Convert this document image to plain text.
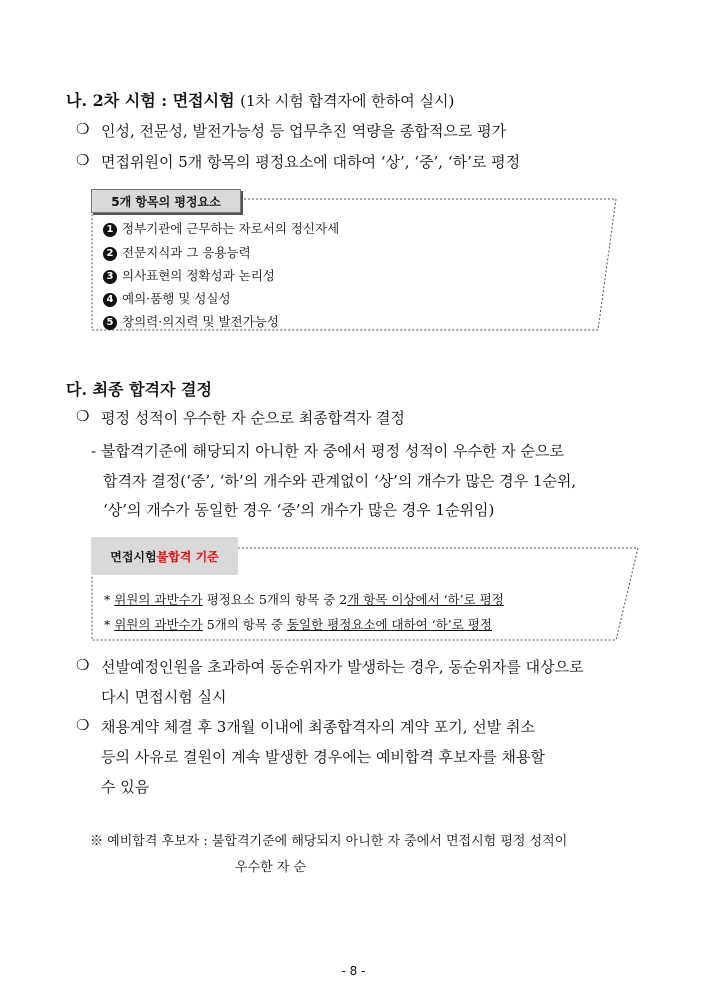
나. 2차 시험 : 면접시험 (1차 시험 합격자에 한하여 실시)
❍ 인성, 전문성, 발전가능성 등 업무추진 역량을 종합적으로 평가
❍ 면접위원이 5개 항목의 평정요소에 대하여 ‘상’, ‘중’, ‘하’로 평정
5개 항목의 평정요소
1 정부기관에 근무하는 자로서의 정신자세
2 전문지식과 그 응용능력
3 의사표현의 정확성과 논리성
4 예의·품행 및 성실성
5 창의력·의지력 및 발전가능성
다. 최종 합격자 결정
❍ 평정 성적이 우수한 자 순으로 최종합격자 결정
- 불합격기준에 해당되지 아니한 자 중에서 평정 성적이 우수한 자 순으로
합격자 결정(‘중’, ‘하’의 개수와 관계없이 ‘상’의 개수가 많은 경우 1순위,
‘상’의 개수가 동일한 경우 ‘중’의 개수가 많은 경우 1순위임)
면접시험 불합격 기준
* 위원의 과반수가 평정요소 5개의 항목 중 2개 항목 이상에서 ‘하’로 평정
* 위원의 과반수가 5개의 항목 중 동일한 평정요소에 대하여 ‘하’로 평정
❍ 선발예정인원을 초과하여 동순위자가 발생하는 경우, 동순위자를 대상으로
다시 면접시험 실시
❍ 채용계약 체결 후 3개월 이내에 최종합격자의 계약 포기, 선발 취소
등의 사유로 결원이 계속 발생한 경우에는 예비합격 후보자를 채용할
수 있음
※ 예비합격 후보자 : 불합격기준에 해당되지 아니한 자 중에서 면접시험 평정 성적이
우수한 자 순
- 8 -
